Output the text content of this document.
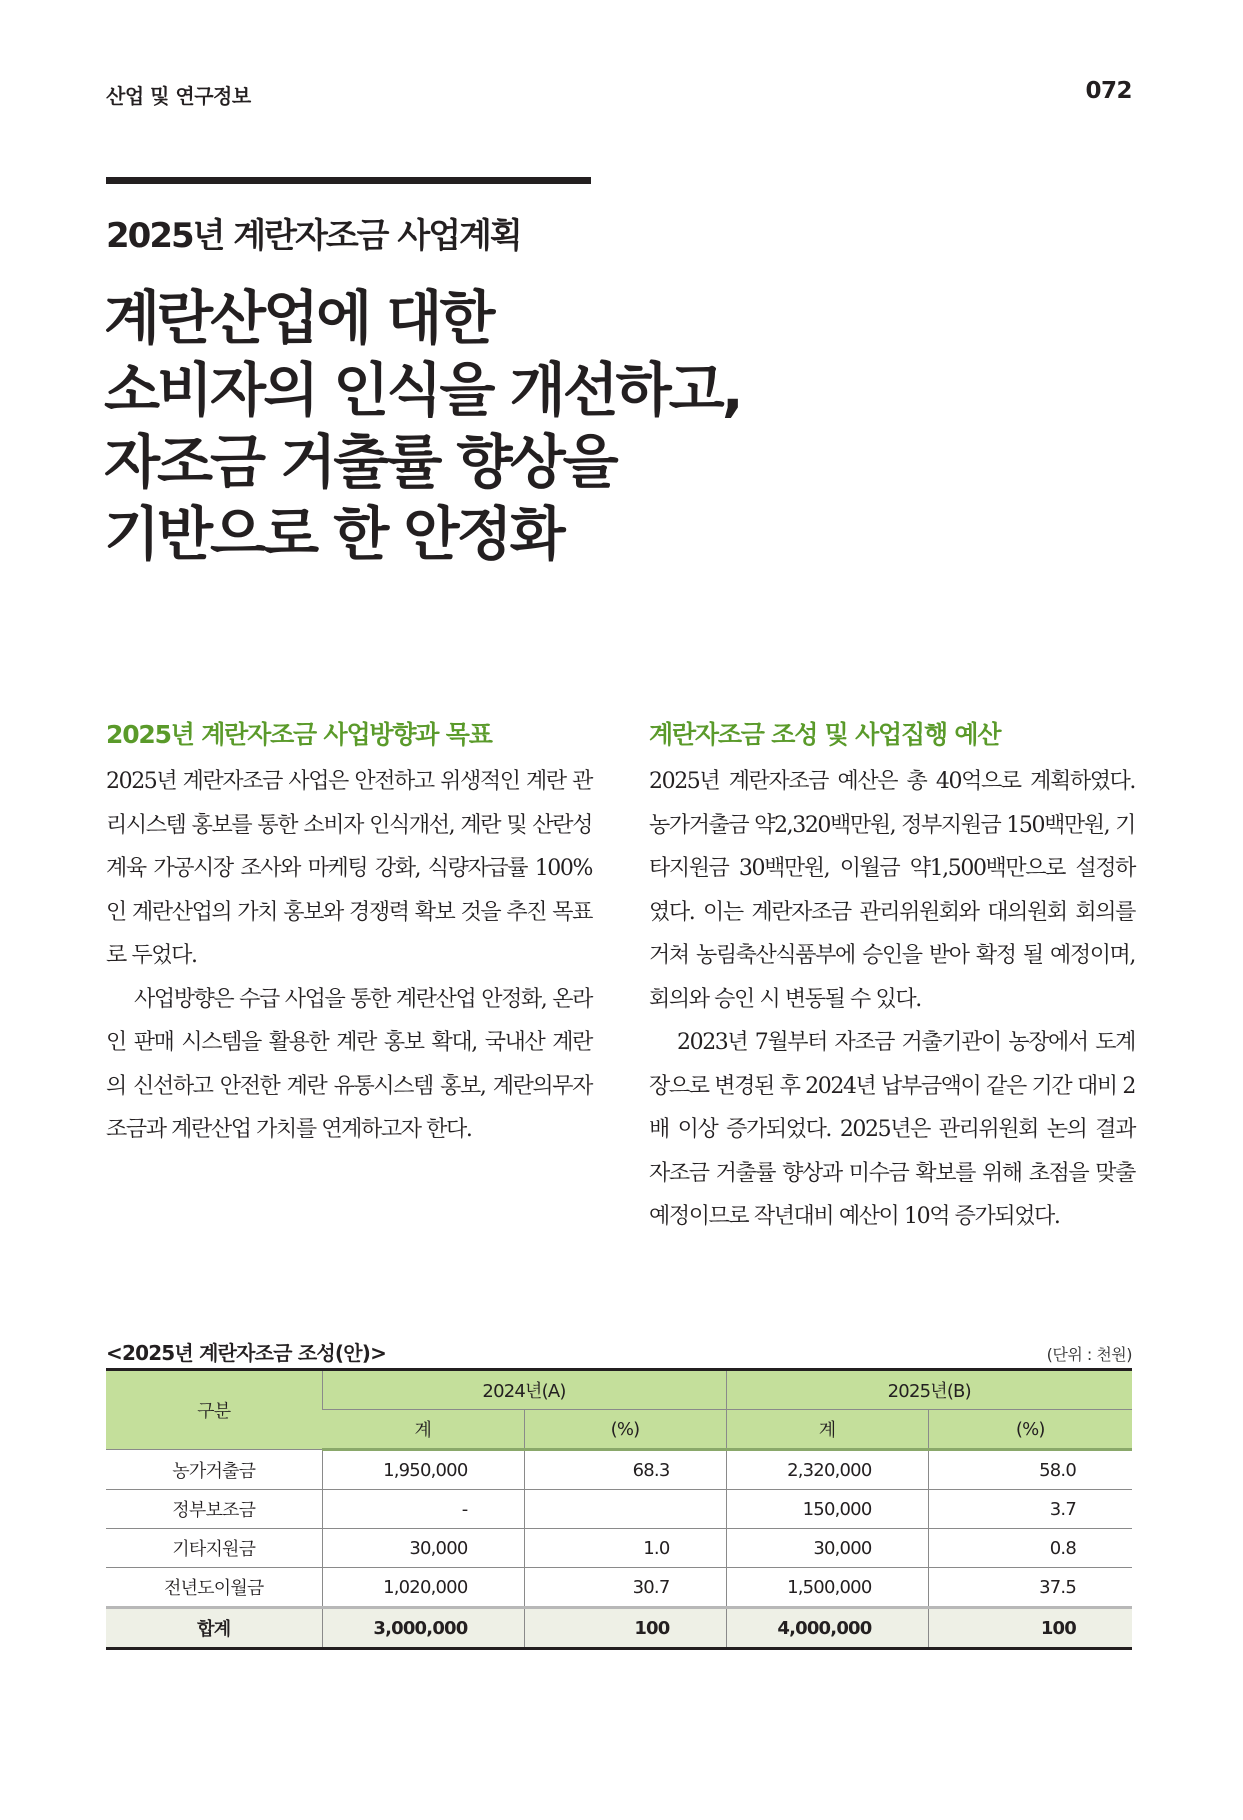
산업 및 연구정보	072
2025년 계란자조금 사업계획
계란산업에 대한
소비자의 인식을 개선하고,
자조금 거출률 향상을
기반으로 한 안정화
2025년 계란자조금 사업방향과 목표

2025년 계란자조금 사업은 안전하고 위생적인 계란 관리시스템 홍보를 통한 소비자 인식개선, 계란 및 산란성계육 가공시장 조사와 마케팅 강화, 식량자급률 100%인 계란산업의 가치 홍보와 경쟁력 확보 것을 추진 목표로 두었다.

사업방향은 수급 사업을 통한 계란산업 안정화, 온라인 판매 시스템을 활용한 계란 홍보 확대, 국내산 계란의 신선하고 안전한 계란 유통시스템 홍보, 계란의무자조금과 계란산업 가치를 연계하고자 한다.

계란자조금 조성 및 사업집행 예산

2025년 계란자조금 예산은 총 40억으로 계획하였다. 농가거출금 약2,320백만원, 정부지원금 150백만원, 기타지원금 30백만원, 이월금 약1,500백만으로 설정하였다. 이는 계란자조금 관리위원회와 대의원회 회의를 거쳐 농림축산식품부에 승인을 받아 확정 될 예정이며, 회의와 승인 시 변동될 수 있다.

2023년 7월부터 자조금 거출기관이 농장에서 도계장으로 변경된 후 2024년 납부금액이 같은 기간 대비 2배 이상 증가되었다. 2025년은 관리위원회 논의 결과 자조금 거출률 향상과 미수금 확보를 위해 초점을 맞출 예정이므로 작년대비 예산이 10억 증가되었다.

<2025년 계란자조금 조성(안)>	(단위 : 천원)
구분	2024년(A)		2025년(B)	
	계	(%)	계	(%)
농가거출금	1,950,000	68.3	2,320,000	58.0
정부보조금	-		150,000	3.7
기타지원금	30,000	1.0	30,000	0.8
전년도이월금	1,020,000	30.7	1,500,000	37.5
합계	3,000,000	100	4,000,000	100
